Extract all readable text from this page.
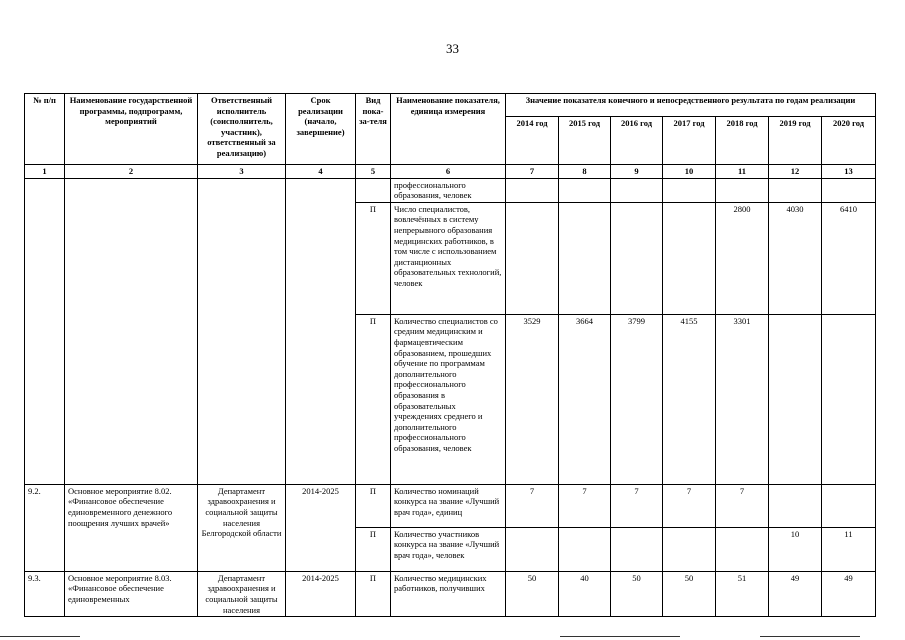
33
№ п/п	Наименование государственной программы, подпрограмм, мероприятий	Ответственный исполнитель (соисполнитель, участник), ответственный за реализацию)	Срок реализации (начало, завершение)	Вид пока-за-теля	Наименование показателя, единица измерения	Значение показателя конечного и непосредственного результата по годам реализации						
						2014 год	2015 год	2016 год	2017 год	2018 год	2019 год	2020 год
1	2	3	4	5	6	7	8	9	10	11	12	13
					профессионального образования, человек							
				П	Число специалистов, вовлечённых в систему непрерывного образования медицинских работников, в том числе с использованием дистанционных образовательных технологий, человек					2800	4030	6410
				П	Количество специалистов со средним медицинским и фармацевтическим образованием, прошедших обучение по программам дополнительного профессионального образования в образовательных учреждениях среднего и дополнительного профессионального образования, человек	3529	3664	3799	4155	3301		
9.2.	Основное мероприятие 8.02. «Финансовое обеспечение единовременного денежного поощрения лучших врачей»	Департамент здравоохранения и социальной защиты населения Белгородской области	2014-2025	П	Количество номинаций конкурса на звание «Лучший врач года», единиц	7	7	7	7	7		
				П	Количество участников конкурса на звание «Лучший врач года», человек						10	11
9.3.	Основное мероприятие 8.03. «Финансовое обеспечение единовременных	Департамент здравоохранения и социальной защиты населения	2014-2025	П	Количество медицинских работников, получивших	50	40	50	50	51	49	49
